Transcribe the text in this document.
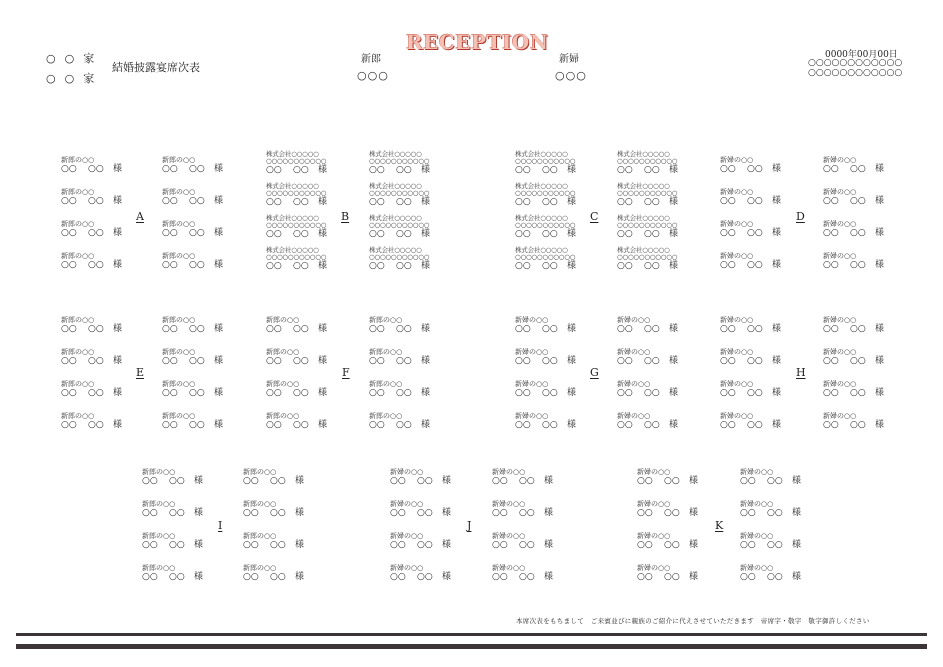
○○家
○○家
結婚披露宴席次表
RECEPTION
新郎
○○○
新婦
○○○
0000年00月00日
○○○○○○○○○○○○
○○○○○○○○○○○○
新郎の○○
○○ ○○ 様
新郎の○○
○○ ○○ 様
新郎の○○
○○ ○○ 様
新郎の○○
○○ ○○ 様
新郎の○○
○○ ○○ 様
新郎の○○
○○ ○○ 様
新郎の○○
○○ ○○ 様
新郎の○○
○○ ○○ 様
A
株式会社○○○○○
○○○○○○○○○○○
○○ ○○ 様
株式会社○○○○○
○○○○○○○○○○○
○○ ○○ 様
株式会社○○○○○
○○○○○○○○○○○
○○ ○○ 様
株式会社○○○○○
○○○○○○○○○○○
○○ ○○ 様
株式会社○○○○○
○○○○○○○○○○○
○○ ○○ 様
株式会社○○○○○
○○○○○○○○○○○
○○ ○○ 様
株式会社○○○○○
○○○○○○○○○○○
○○ ○○ 様
株式会社○○○○○
○○○○○○○○○○○
○○ ○○ 様
B
株式会社○○○○○
○○○○○○○○○○○
○○ ○○ 様
株式会社○○○○○
○○○○○○○○○○○
○○ ○○ 様
株式会社○○○○○
○○○○○○○○○○○
○○ ○○ 様
株式会社○○○○○
○○○○○○○○○○○
○○ ○○ 様
株式会社○○○○○
○○○○○○○○○○○
○○ ○○ 様
株式会社○○○○○
○○○○○○○○○○○
○○ ○○ 様
株式会社○○○○○
○○○○○○○○○○○
○○ ○○ 様
株式会社○○○○○
○○○○○○○○○○○
○○ ○○ 様
C
新婦の○○
○○ ○○ 様
新婦の○○
○○ ○○ 様
新婦の○○
○○ ○○ 様
新婦の○○
○○ ○○ 様
新婦の○○
○○ ○○ 様
新婦の○○
○○ ○○ 様
新婦の○○
○○ ○○ 様
新婦の○○
○○ ○○ 様
D
新郎の○○
○○ ○○ 様
新郎の○○
○○ ○○ 様
新郎の○○
○○ ○○ 様
新郎の○○
○○ ○○ 様
新郎の○○
○○ ○○ 様
新郎の○○
○○ ○○ 様
新郎の○○
○○ ○○ 様
新郎の○○
○○ ○○ 様
E
新郎の○○
○○ ○○ 様
新郎の○○
○○ ○○ 様
新郎の○○
○○ ○○ 様
新郎の○○
○○ ○○ 様
新郎の○○
○○ ○○ 様
新郎の○○
○○ ○○ 様
新郎の○○
○○ ○○ 様
新郎の○○
○○ ○○ 様
F
新婦の○○
○○ ○○ 様
新婦の○○
○○ ○○ 様
新婦の○○
○○ ○○ 様
新婦の○○
○○ ○○ 様
新婦の○○
○○ ○○ 様
新婦の○○
○○ ○○ 様
新婦の○○
○○ ○○ 様
新婦の○○
○○ ○○ 様
G
新婦の○○
○○ ○○ 様
新婦の○○
○○ ○○ 様
新婦の○○
○○ ○○ 様
新婦の○○
○○ ○○ 様
新婦の○○
○○ ○○ 様
新婦の○○
○○ ○○ 様
新婦の○○
○○ ○○ 様
新婦の○○
○○ ○○ 様
H
新郎の○○
○○ ○○ 様
新郎の○○
○○ ○○ 様
新郎の○○
○○ ○○ 様
新郎の○○
○○ ○○ 様
新郎の○○
○○ ○○ 様
新郎の○○
○○ ○○ 様
新郎の○○
○○ ○○ 様
新郎の○○
○○ ○○ 様
I
新婦の○○
○○ ○○ 様
新婦の○○
○○ ○○ 様
新婦の○○
○○ ○○ 様
新婦の○○
○○ ○○ 様
新婦の○○
○○ ○○ 様
新婦の○○
○○ ○○ 様
新婦の○○
○○ ○○ 様
新婦の○○
○○ ○○ 様
J
新婦の○○
○○ ○○ 様
新婦の○○
○○ ○○ 様
新婦の○○
○○ ○○ 様
新婦の○○
○○ ○○ 様
新婦の○○
○○ ○○ 様
新婦の○○
○○ ○○ 様
新婦の○○
○○ ○○ 様
新婦の○○
○○ ○○ 様
K
本席次表をもちまして　ご来賓並びに親族のご紹介に代えさせていただきます　帝席字・敬字　敬字御許しください
